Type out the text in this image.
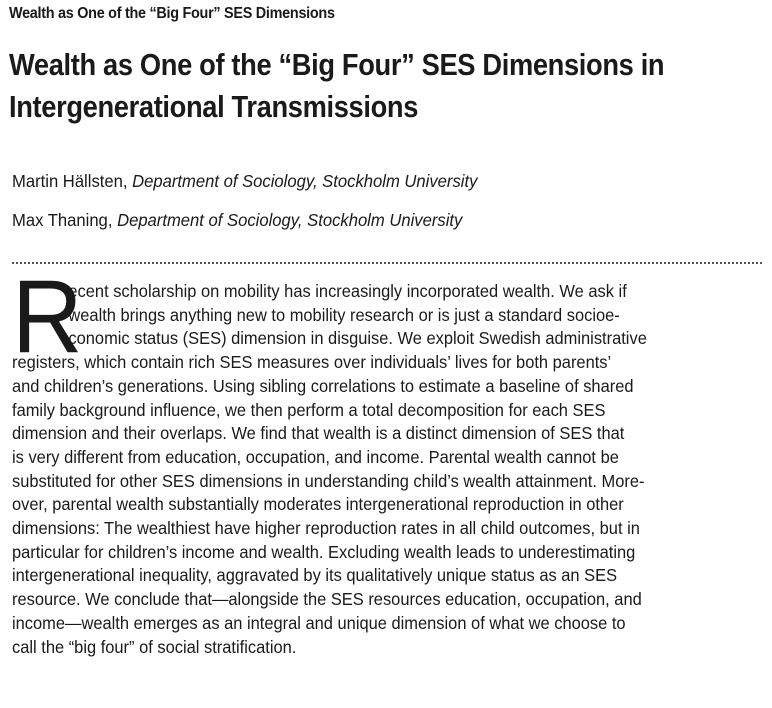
Wealth as One of the “Big Four” SES Dimensions
Wealth as One of the “Big Four” SES Dimensions in
Intergenerational Transmissions
Martin Hällsten, Department of Sociology, Stockholm University
Max Thaning, Department of Sociology, Stockholm University
R
ecent scholarship on mobility has increasingly incorporated wealth. We ask if
wealth brings anything new to mobility research or is just a standard socioe-
conomic status (SES) dimension in disguise. We exploit Swedish administrative
registers, which contain rich SES measures over individuals’ lives for both parents’
and children’s generations. Using sibling correlations to estimate a baseline of shared
family background influence, we then perform a total decomposition for each SES
dimension and their overlaps. We find that wealth is a distinct dimension of SES that
is very different from education, occupation, and income. Parental wealth cannot be
substituted for other SES dimensions in understanding child’s wealth attainment. More-
over, parental wealth substantially moderates intergenerational reproduction in other
dimensions: The wealthiest have higher reproduction rates in all child outcomes, but in
particular for children’s income and wealth. Excluding wealth leads to underestimating
intergenerational inequality, aggravated by its qualitatively unique status as an SES
resource. We conclude that—alongside the SES resources education, occupation, and
income—wealth emerges as an integral and unique dimension of what we choose to
call the “big four” of social stratification.
